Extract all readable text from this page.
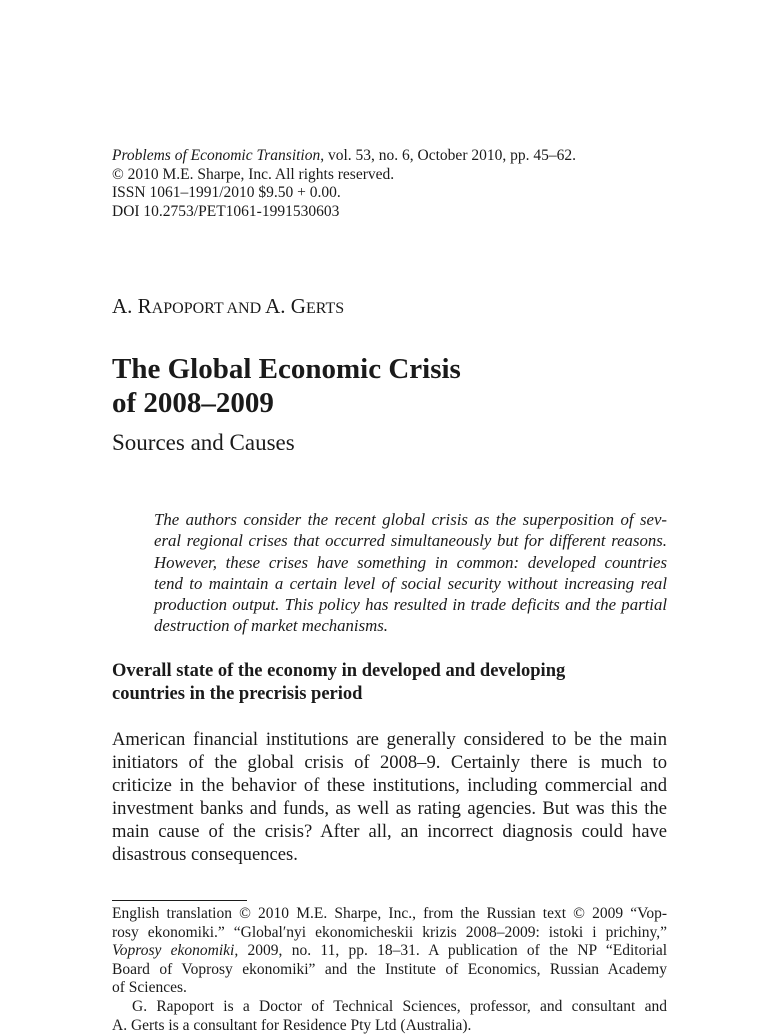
Problems of Economic Transition, vol. 53, no. 6, October 2010, pp. 45–62.
© 2010 M.E. Sharpe, Inc. All rights reserved.
ISSN 1061–1991/2010 $9.50 + 0.00.
DOI 10.2753/PET1061-1991530603
A. RAPOPORT AND A. GERTS
The Global Economic Crisis
of 2008–2009
Sources and Causes
The authors consider the recent global crisis as the superposition of sev-
eral regional crises that occurred simultaneously but for different reasons.
However, these crises have something in common: developed countries
tend to maintain a certain level of social security without increasing real
production output. This policy has resulted in trade deficits and the partial
destruction of market mechanisms.
Overall state of the economy in developed and developing
countries in the precrisis period
American financial institutions are generally considered to be the main
initiators of the global crisis of 2008–9. Certainly there is much to
criticize in the behavior of these institutions, including commercial and
investment banks and funds, as well as rating agencies. But was this the
main cause of the crisis? After all, an incorrect diagnosis could have
disastrous consequences.
English translation © 2010 M.E. Sharpe, Inc., from the Russian text © 2009 “Vop-
rosy ekonomiki.” “Global′nyi ekonomicheskii krizis 2008–2009: istoki i prichiny,”
Voprosy ekonomiki, 2009, no. 11, pp. 18–31. A publication of the NP “Editorial
Board of Voprosy ekonomiki” and the Institute of Economics, Russian Academy
of Sciences.
G. Rapoport is a Doctor of Technical Sciences, professor, and consultant and
A. Gerts is a consultant for Residence Pty Ltd (Australia).
